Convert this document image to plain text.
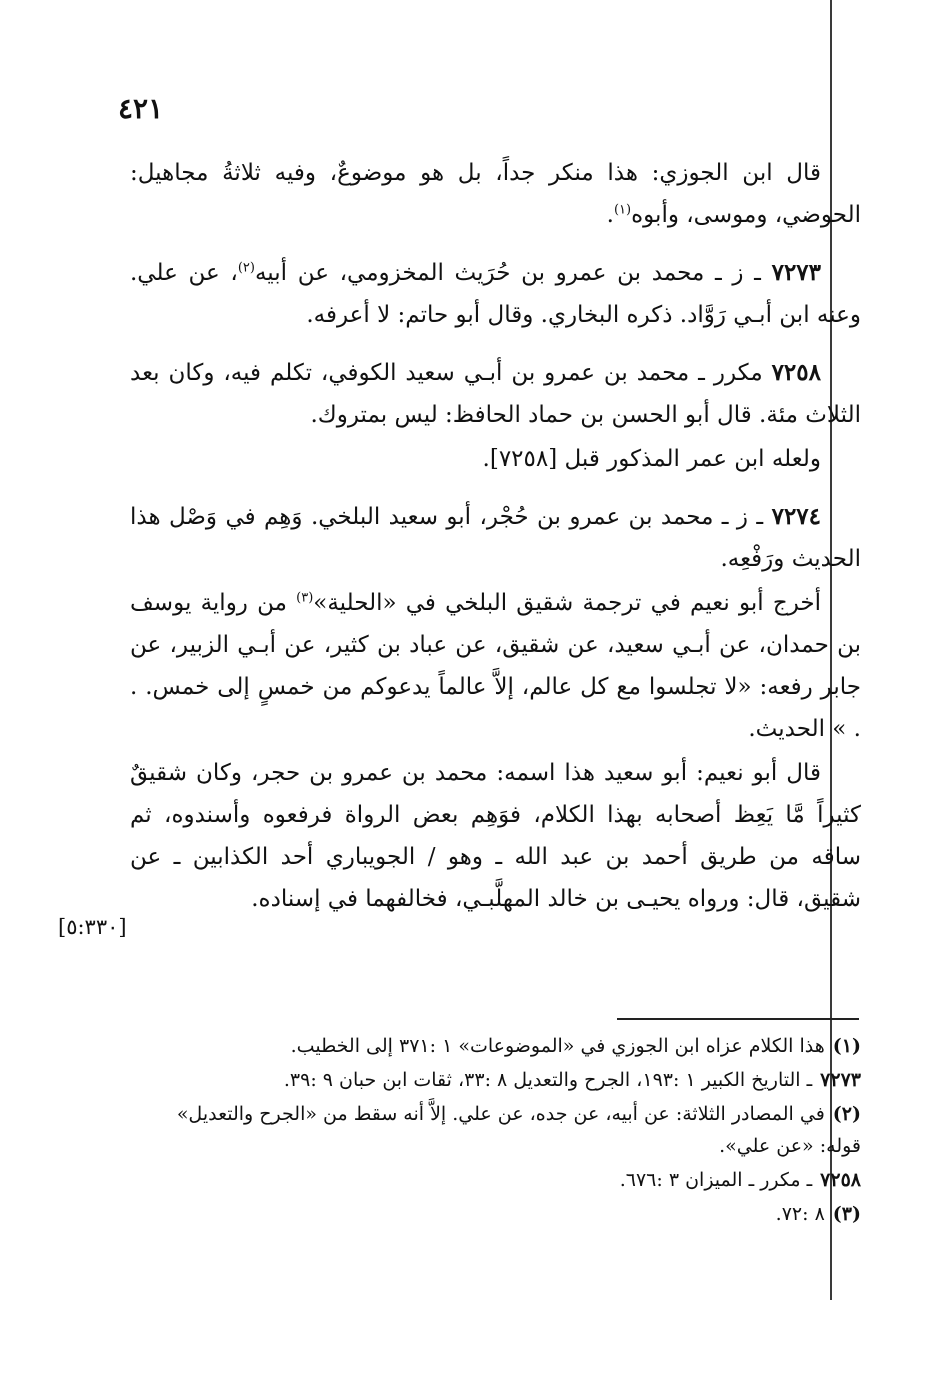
٤٢١

قال ابن الجوزي: هذا منكر جداً، بل هو موضوعٌ، وفيه ثلاثةُ مجاهيل: الحوضي، وموسى، وأبوه$^{(١)}$.

٧٢٧٣ ـ ز ـ محمد بن عمرو بن حُرَيث المخزومي، عن أبيه$^{(٢)}$، عن علي. وعنه ابن أبـي رَوَّاد. ذكره البخاري. وقال أبو حاتم: لا أعرفه.

٧٢٥٨ مكرر ـ محمد بن عمرو بن أبـي سعيد الكوفي، تكلم فيه، وكان بعد الثلاث مئة. قال أبو الحسن بن حماد الحافظ: ليس بمتروك.

ولعله ابن عمر المذكور قبل [٧٢٥٨].

٧٢٧٤ ـ ز ـ محمد بن عمرو بن حُجْر، أبو سعيد البلخي. وَهِم في وَصْل هذا الحديث ورَفْعِه.

أخرج أبو نعيم في ترجمة شقيق البلخي في «الحلية»$^{(٣)}$ من رواية يوسف بن حمدان، عن أبـي سعيد، عن شقيق، عن عباد بن كثير، عن أبـي الزبير، عن جابر رفعه: «لا تجلسوا مع كل عالم، إلاَّ عالماً يدعوكم من خمسٍ إلى خمس. . . » الحديث.

قال أبو نعيم: أبو سعيد هذا اسمه: محمد بن عمرو بن حجر، وكان شقيقٌ كثيراً مَّا يَعِظ أصحابه بهذا الكلام، فوَهِم بعض الرواة فرفعوه وأسندوه، ثم ساقه من طريق أحمد بن عبد الله ـ وهو / الجويباري أحد الكذابين ـ عن شقيق، قال: ورواه يحيـى بن خالد المهلَّبـي، فخالفهما في إسناده.

[٥:٣٣٠]

(١)هذا الكلام عزاه ابن الجوزي في «الموضوعات» ١ :٣٧١ إلى الخطيب.

٧٢٧٣ـ التاريخ الكبير ١ :١٩٣، الجرح والتعديل ٨ :٣٣، ثقات ابن حبان ٩ :٣٩.

(٢)في المصادر الثلاثة: عن أبيه، عن جده، عن علي. إلاَّ أنه سقط من «الجرح والتعديل» قوله: «عن علي».

٧٢٥٨ـ مكرر ـ الميزان ٣ :٦٧٦.

(٣)٨ :٧٢.
